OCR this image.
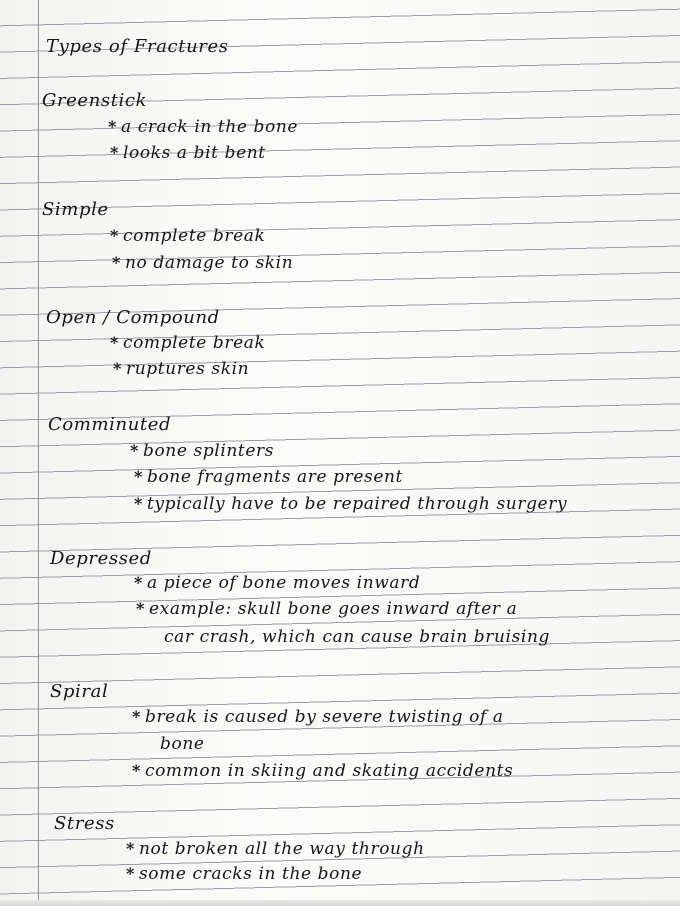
Types of Fractures
Greenstick
* a crack in the bone
* looks a bit bent
Simple
* complete break
* no damage to skin
Open / Compound
* complete break
* ruptures skin
Comminuted
* bone splinters
* bone fragments are present
* typically have to be repaired through surgery
Depressed
* a piece of bone moves inward
* example: skull bone goes inward after a
car crash, which can cause brain bruising
Spiral
* break is caused by severe twisting of a
bone
* common in skiing and skating accidents
Stress
* not broken all the way through
* some cracks in the bone
